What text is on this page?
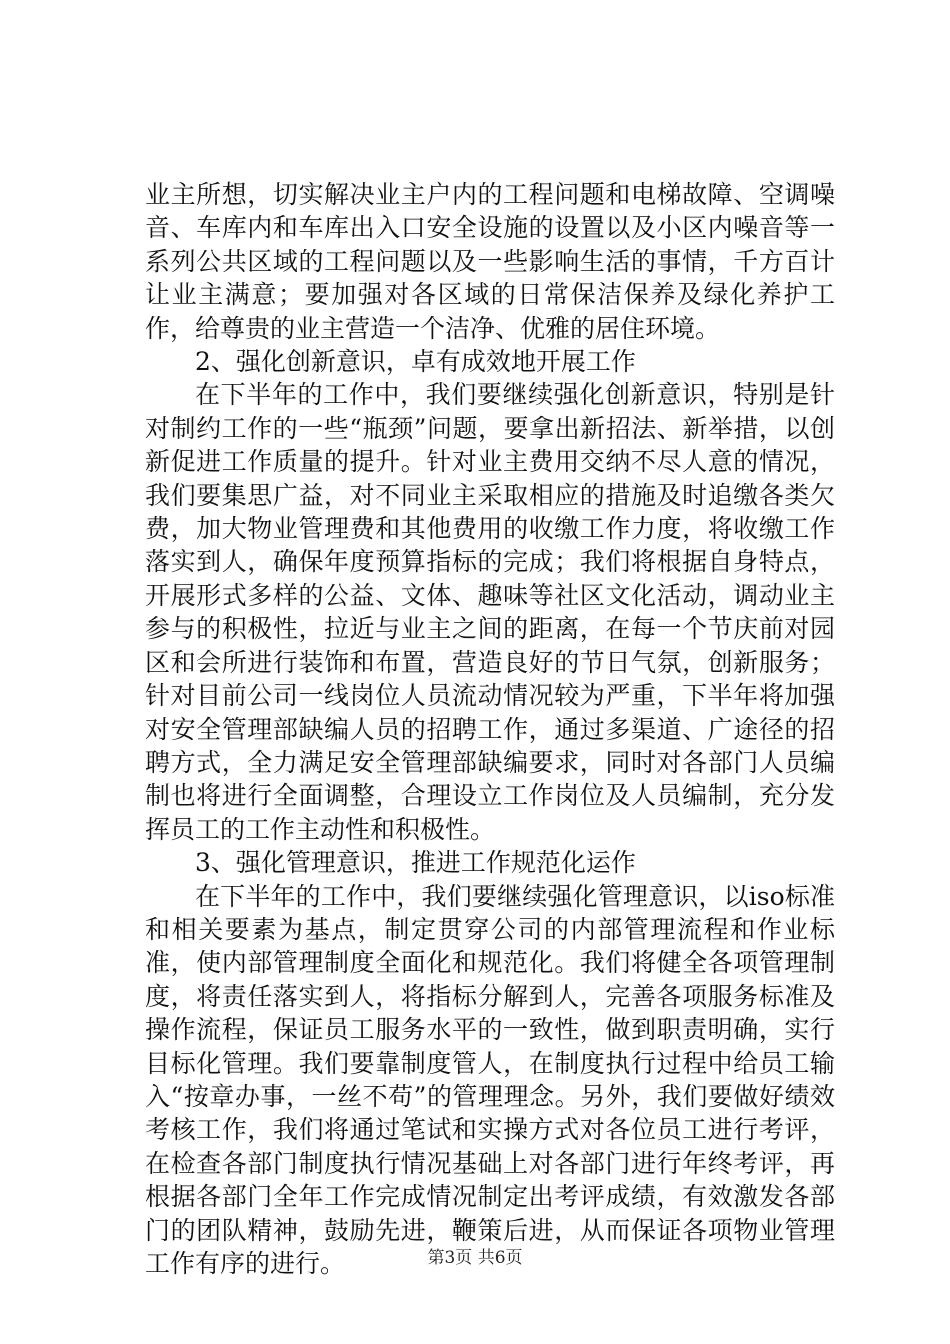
业主所想，切实解决业主户内的工程问题和电梯故障、空调噪音、车库内和车库出入口安全设施的设置以及小区内噪音等一系列公共区域的工程问题以及一些影响生活的事情，千方百计让业主满意；要加强对各区域的日常保洁保养及绿化养护工作，给尊贵的业主营造一个洁净、优雅的居住环境。

2、强化创新意识，卓有成效地开展工作

在下半年的工作中，我们要继续强化创新意识，特别是针对制约工作的一些“瓶颈”问题，要拿出新招法、新举措，以创新促进工作质量的提升。针对业主费用交纳不尽人意的情况，我们要集思广益，对不同业主采取相应的措施及时追缴各类欠费，加大物业管理费和其他费用的收缴工作力度，将收缴工作落实到人，确保年度预算指标的完成；我们将根据自身特点，开展形式多样的公益、文体、趣味等社区文化活动，调动业主参与的积极性，拉近与业主之间的距离，在每一个节庆前对园区和会所进行装饰和布置，营造良好的节日气氛，创新服务；针对目前公司一线岗位人员流动情况较为严重，下半年将加强对安全管理部缺编人员的招聘工作，通过多渠道、广途径的招聘方式，全力满足安全管理部缺编要求，同时对各部门人员编制也将进行全面调整，合理设立工作岗位及人员编制，充分发挥员工的工作主动性和积极性。

3、强化管理意识，推进工作规范化运作

在下半年的工作中，我们要继续强化管理意识，以iso标准和相关要素为基点，制定贯穿公司的内部管理流程和作业标准，使内部管理制度全面化和规范化。我们将健全各项管理制度，将责任落实到人，将指标分解到人，完善各项服务标准及操作流程，保证员工服务水平的一致性，做到职责明确，实行目标化管理。我们要靠制度管人，在制度执行过程中给员工输入“按章办事，一丝不苟”的管理理念。另外，我们要做好绩效考核工作，我们将通过笔试和实操方式对各位员工进行考评，在检查各部门制度执行情况基础上对各部门进行年终考评，再根据各部门全年工作完成情况制定出考评成绩，有效激发各部门的团队精神，鼓励先进，鞭策后进，从而保证各项物业管理工作有序的进行。	第3页 共6页
